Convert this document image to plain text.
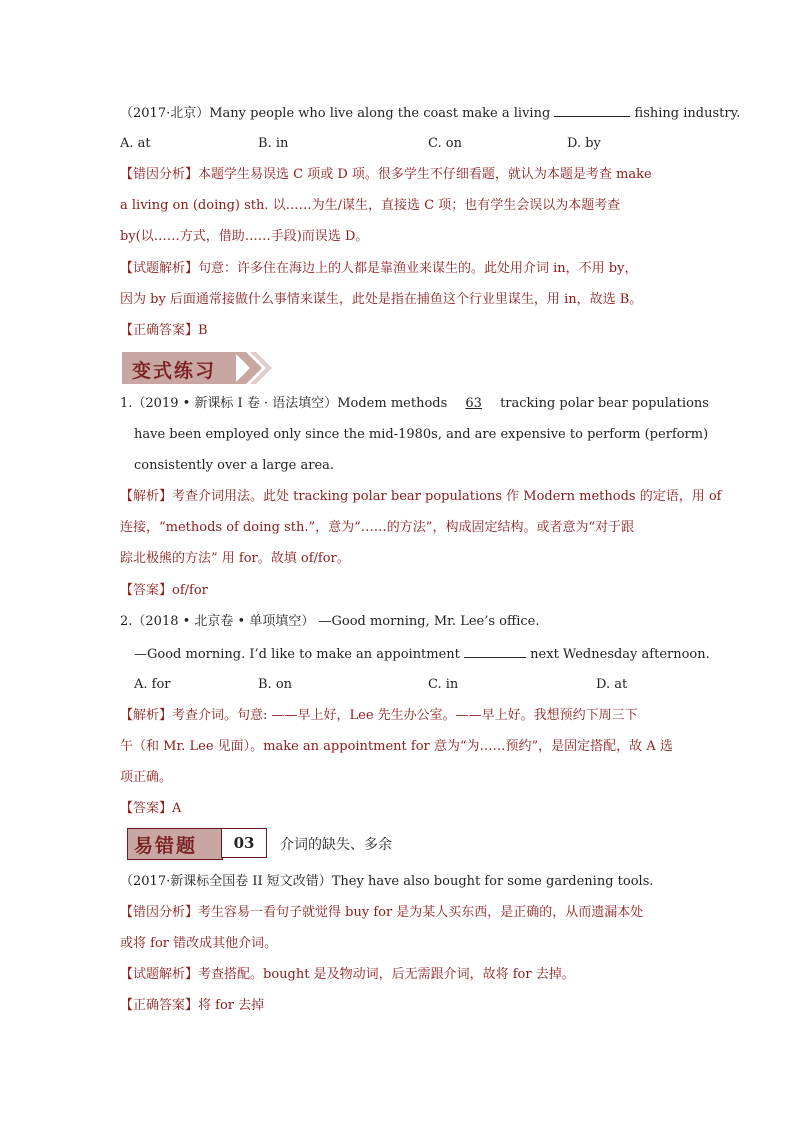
（2017·北京）Many people who live along the coast make a living	fishing industry.
A. at	B. in	C. on	D. by
【错因分析】本题学生易误选 C 项或 D 项。很多学生不仔细看题，就认为本题是考查 make
a living on (doing) sth. 以……为生/谋生，直接选 C 项；也有学生会误以为本题考查
by(以……方式，借助……手段)而误选 D。
【试题解析】句意：许多住在海边上的人都是靠渔业来谋生的。此处用介词 in，不用 by，
因为 by 后面通常接做什么事情来谋生，此处是指在捕鱼这个行业里谋生，用 in，故选 B。
【正确答案】B
变式练习
1.（2019 • 新课标 I 卷 · 语法填空）Modem methods 63 tracking polar bear populations
have been employed only since the mid-1980s, and are expensive to perform (perform)
consistently over a large area.
【解析】考查介词用法。此处 tracking polar bear populations 作 Modern methods 的定语，用 of
连接，“methods of doing sth.”，意为“……的方法”，构成固定结构。或者意为“对于跟
踪北极熊的方法” 用 for。故填 of/for。
【答案】of/for
2.（2018 • 北京卷 • 单项填空） —Good morning, Mr. Lee’s office.
—Good morning. I’d like to make an appointment	next Wednesday afternoon.
A. for	B. on	C. in	D. at
【解析】考查介词。句意: ——早上好，Lee 先生办公室。——早上好。我想预约下周三下
午（和 Mr. Lee 见面）。make an appointment for 意为“为……预约”，是固定搭配，故 A 选
项正确。
【答案】A
易错题	03	介词的缺失、多余
（2017·新课标全国卷 II 短文改错）They have also bought for some gardening tools.
【错因分析】考生容易一看句子就觉得 buy for 是为某人买东西，是正确的，从而遗漏本处
或将 for 错改成其他介词。
【试题解析】考查搭配。bought 是及物动词，后无需跟介词，故将 for 去掉。
【正确答案】将 for 去掉
